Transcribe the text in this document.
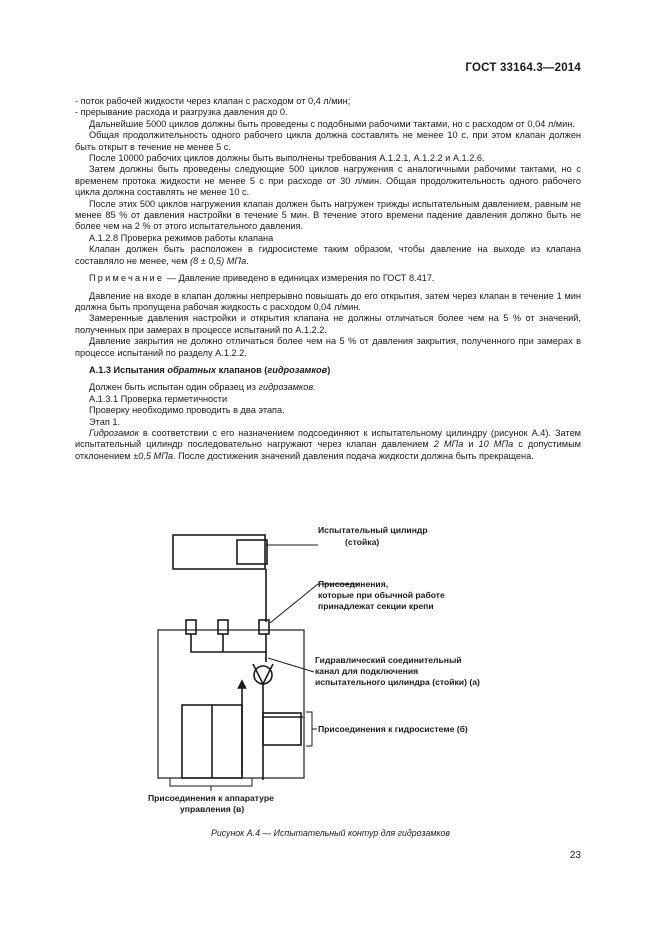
ГОСТ 33164.3—2014

- поток рабочей жидкости через клапан с расходом от 0,4 л/мин;

- прерывание расхода и разгрузка давления до 0.

Дальнейшие 5000 циклов должны быть проведены с подобными рабочими тактами, но с расходом от 0,04 л/мин.

Общая продолжительность одного рабочего цикла должна составлять не менее 10 с, при этом клапан должен быть открыт в течение не менее 5 с.

После 10000 рабочих циклов должны быть выполнены требования А.1.2.1, А.1.2.2 и А.1.2.6.

Затем должны быть проведены следующие 500 циклов нагружения с аналогичными рабочими тактами, но с временем протока жидкости не менее 5 с при расходе от 30 л/мин. Общая продолжительность одного рабочего цикла должна составлять не менее 10 с.

После этих 500 циклов нагружения клапан должен быть нагружен трижды испытательным давлением, равным не менее 85 % от давления настройки в течение 5 мин. В течение этого времени падение давления должно быть не более чем на 2 % от этого испытательного давления.

А.1.2.8 Проверка режимов работы клапана

Клапан должен быть расположен в гидросистеме таким образом, чтобы давление на выходе из клапана составляло не менее, чем (8 ± 0,5) МПа.

Примечание — Давление приведено в единицах измерения по ГОСТ 8.417.

Давление на входе в клапан должны непрерывно повышать до его открытия, затем через клапан в течение 1 мин должна быть пропущена рабочая жидкость с расходом 0,04 л/мин.

Замеренные давления настройки и открытия клапана не должны отличаться более чем на 5 % от значений, полученных при замерах в процессе испытаний по А.1.2.2.

Давление закрытия не должно отличаться более чем на 5 % от давления закрытия, полученного при замерах в процессе испытаний по разделу А.1.2.2.

А.1.3 Испытания обратных клапанов (гидрозамков)

Должен быть испытан один образец из гидрозамков.

А.1.3.1 Проверка герметичности

Проверку необходимо проводить в два этапа.

Этап 1.

Гидрозамок в соответствии с его назначением подсоединяют к испытательному цилиндру (рисунок А.4). Затем испытательный цилиндр последовательно нагружают через клапан давлением 2 МПа и 10 МПа с допустимым отклонением ±0,5 МПа. После достижения значений давления подача жидкости должна быть прекращена.

Испытательный цилиндр
(стойка)
Присоединения,
которые при обычной работе
принадлежат секции крепи
Гидравлический соединительный
канал для подключения
испытательного цилиндра (стойки) (а)
Присоединения к гидросистеме (б)
Присоединения к аппаратуре
управления (в)
Рисунок А.4 — Испытательный контур для гидрозамков
23
